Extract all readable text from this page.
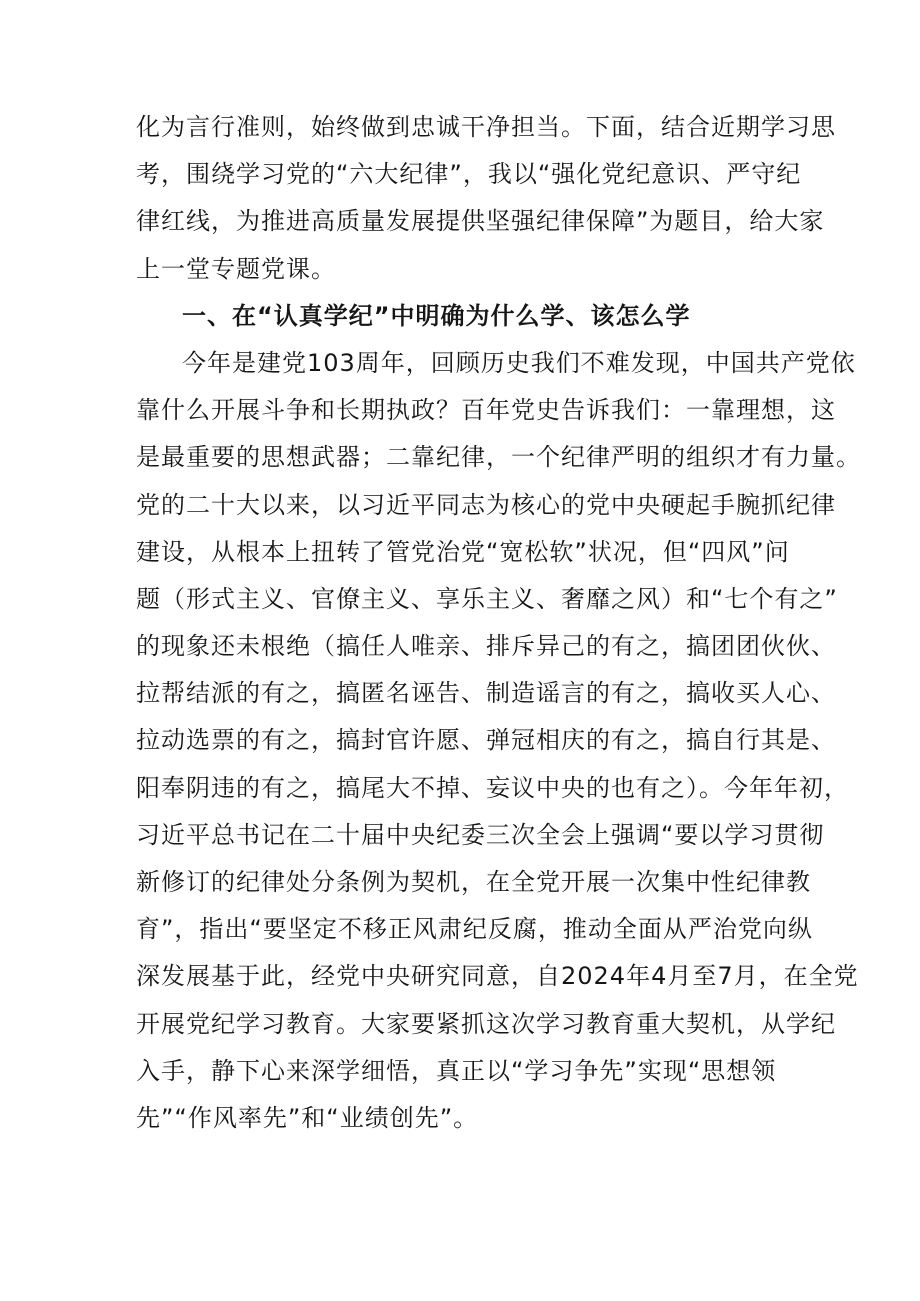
化为言行准则，始终做到忠诚干净担当。下面，结合近期学习思
考，围绕学习党的“六大纪律”，我以“强化党纪意识、严守纪
律红线，为推进高质量发展提供坚强纪律保障”为题目，给大家
上一堂专题党课。
一、在“认真学纪”中明确为什么学、该怎么学
今年是建党103周年，回顾历史我们不难发现，中国共产党依
靠什么开展斗争和长期执政？百年党史告诉我们：一靠理想，这
是最重要的思想武器；二靠纪律，一个纪律严明的组织才有力量。
党的二十大以来，以习近平同志为核心的党中央硬起手腕抓纪律
建设，从根本上扭转了管党治党“宽松软”状况，但“四风”问
题（形式主义、官僚主义、享乐主义、奢靡之风）和“七个有之”
的现象还未根绝（搞任人唯亲、排斥异己的有之，搞团团伙伙、
拉帮结派的有之，搞匿名诬告、制造谣言的有之，搞收买人心、
拉动选票的有之，搞封官许愿、弹冠相庆的有之，搞自行其是、
阳奉阴违的有之，搞尾大不掉、妄议中央的也有之）。今年年初，
习近平总书记在二十届中央纪委三次全会上强调“要以学习贯彻
新修订的纪律处分条例为契机，在全党开展一次集中性纪律教
育”，指出“要坚定不移正风肃纪反腐，推动全面从严治党向纵
深发展基于此，经党中央研究同意，自2024年4月至7月，在全党
开展党纪学习教育。大家要紧抓这次学习教育重大契机，从学纪
入手，静下心来深学细悟，真正以“学习争先”实现“思想领
先”“作风率先”和“业绩创先”。
